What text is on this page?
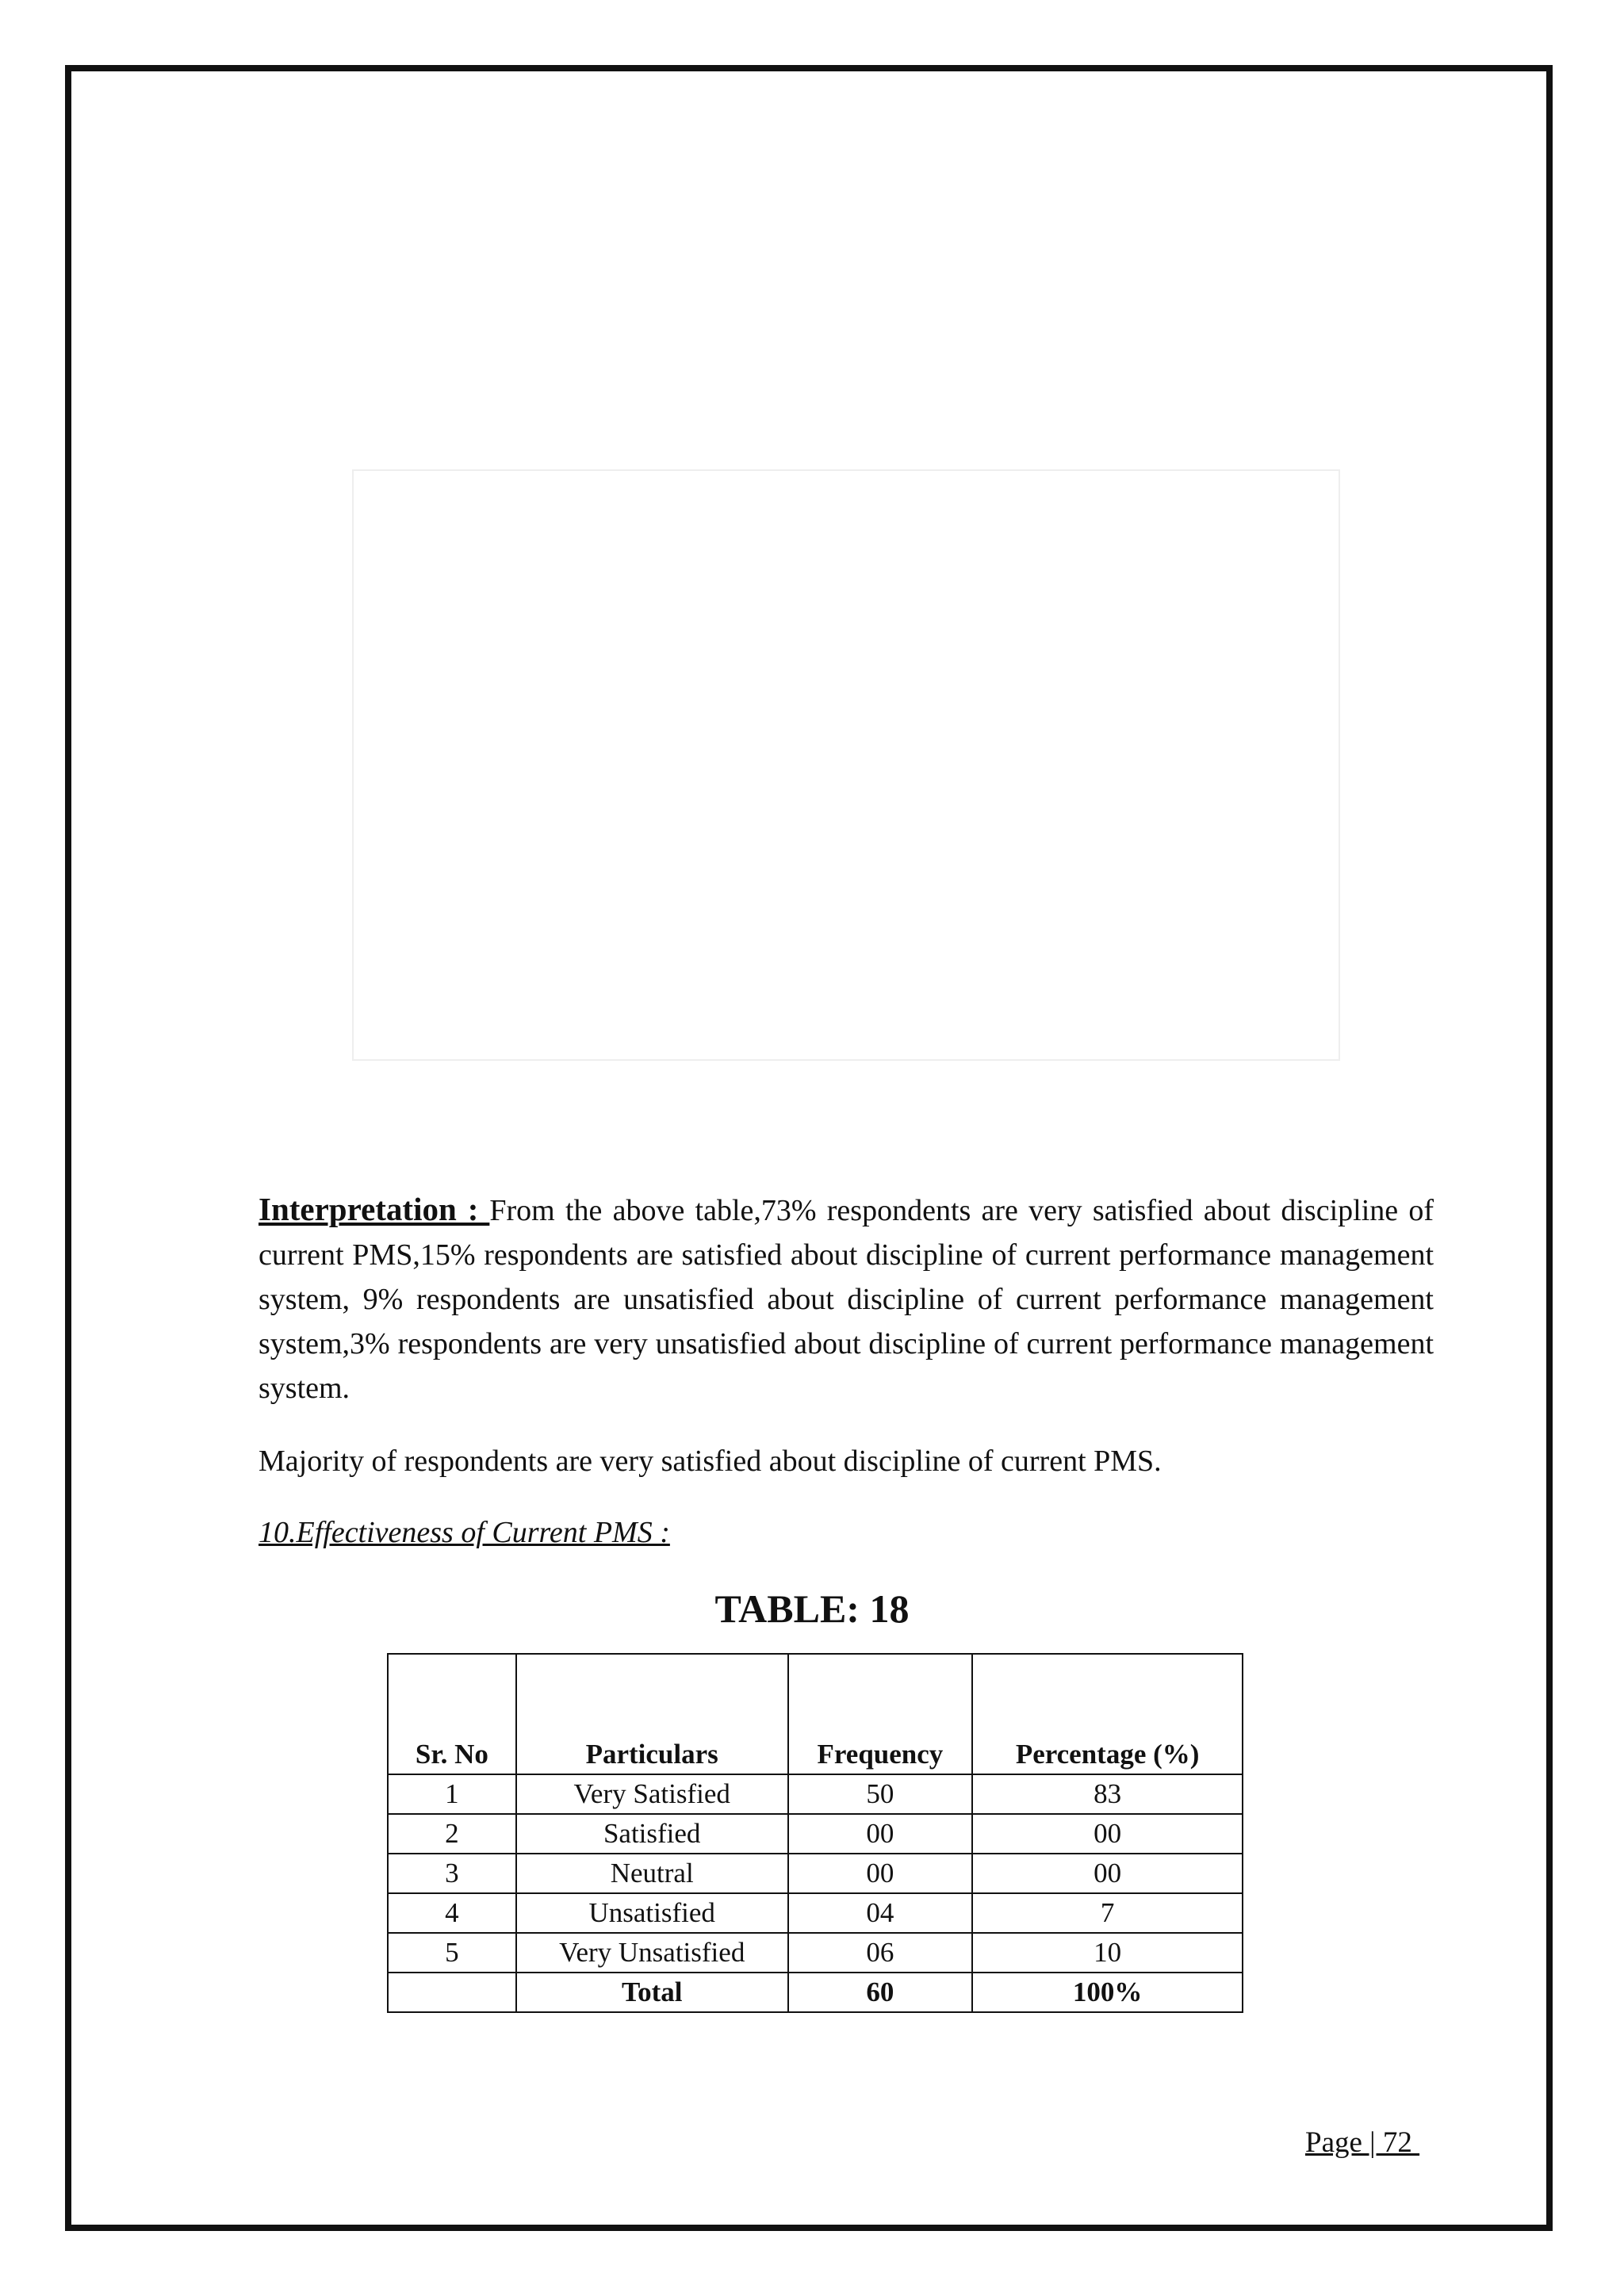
Interpretation : From the above table,73% respondents are very satisfied about discipline of current PMS,15% respondents are satisfied about discipline of current performance management system, 9% respondents are unsatisfied about discipline of current performance management system,3% respondents are very unsatisfied about discipline of current performance management system.

Majority of respondents are very satisfied about discipline of current PMS.

10.Effectiveness of Current PMS :

TABLE: 18
Sr. No	Particulars	Frequency	Percentage (%)
1	Very Satisfied	50	83
2	Satisfied	00	00
3	Neutral	00	00
4	Unsatisfied	04	7
5	Very Unsatisfied	06	10
	Total	60	100%
Page | 72
